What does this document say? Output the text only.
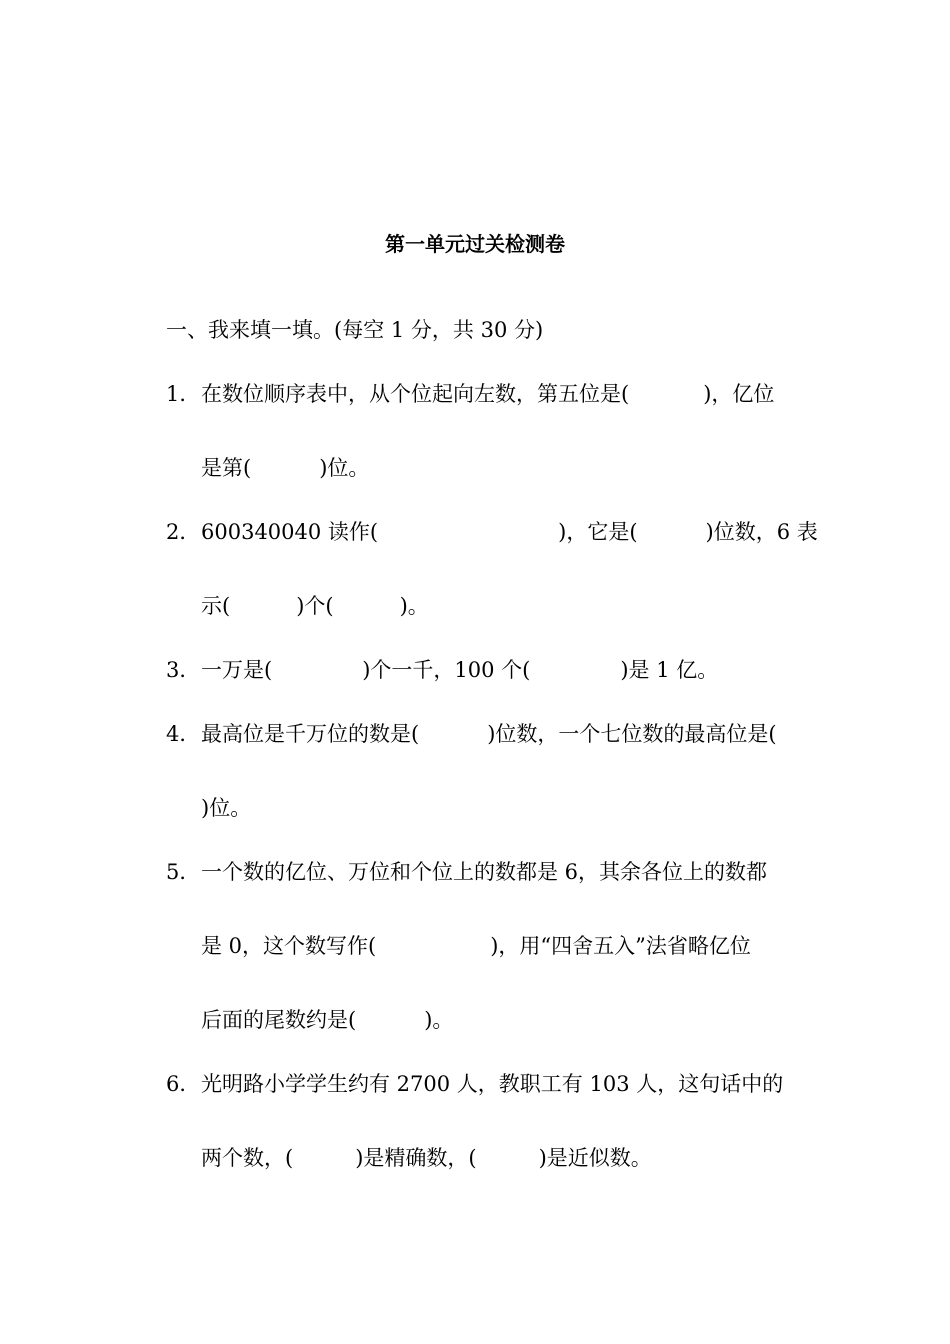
第一单元过关检测卷
一、我来填一填。(每空 1 分，共 30 分)
1． 在数位顺序表中，从个位起向左数，第五位是(	)，亿位
是第(	)位。
2． 600340040 读作(	)，它是(	)位数，6 表
示(	)个(	)。
3． 一万是(	)个一千，100 个(	)是 1 亿。
4． 最高位是千万位的数是(	)位数，一个七位数的最高位是(
)位。
5． 一个数的亿位、万位和个位上的数都是 6，其余各位上的数都
是 0，这个数写作(	)，用“四舍五入”法省略亿位
后面的尾数约是(	)。
6． 光明路小学学生约有 2700 人，教职工有 103 人，这句话中的
两个数，(	)是精确数，(	)是近似数。
